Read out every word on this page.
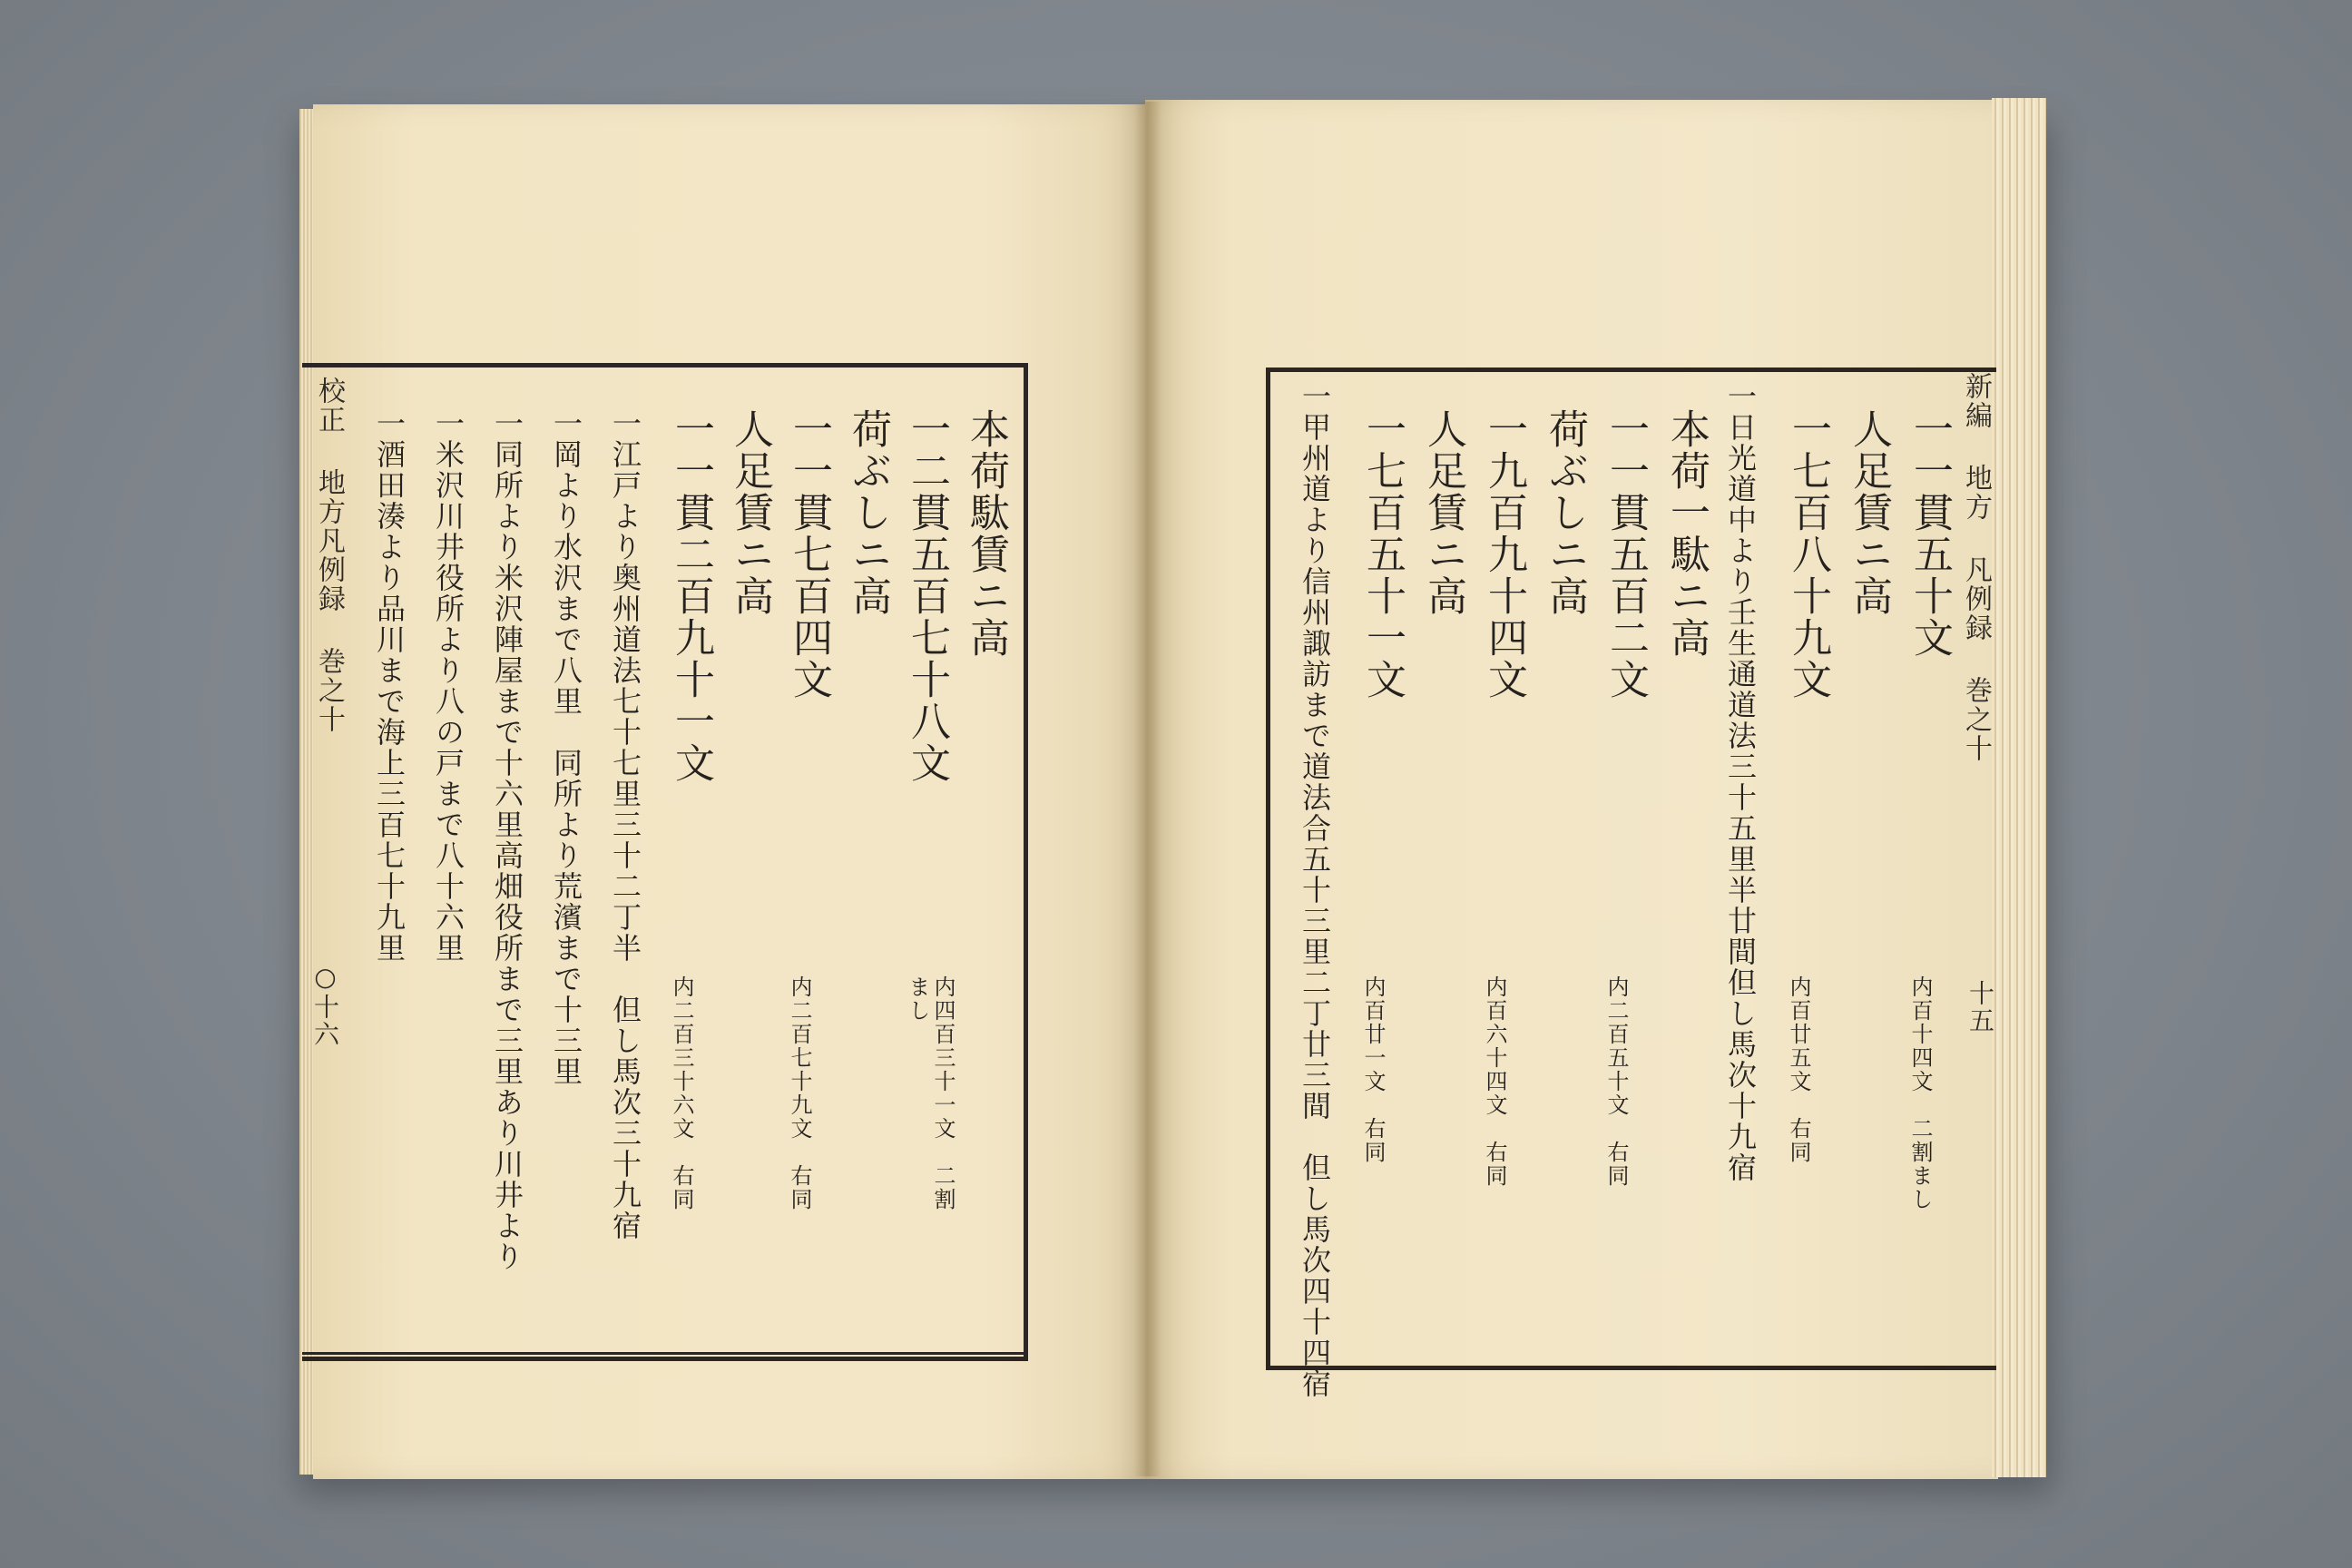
本荷駄賃ニ高
一二貫五百七十八文
荷ぶしニ高
一一貫七百四文
人足賃ニ高
一一貫二百九十一文
一江戸より奥州道法七十七里三十二丁半　但し馬次三十九宿
一岡より水沢まで八里　同所より荒濱まで十三里
一同所より米沢陣屋まで十六里高畑役所まで三里あり川井より
一米沢川井役所より八の戸まで八十六里
一酒田湊より品川まで海上三百七十九里
内四百三十一文　二割まし
内二百七十九文　右同
内二百三十六文　右同
一一貫五十文
人足賃ニ高
一七百八十九文
一日光道中より壬生通道法三十五里半廿間但し馬次十九宿
本荷一駄ニ高
一一貫五百二文
荷ぶしニ高
一九百九十四文
人足賃ニ高
一七百五十一文
一甲州道より信州諏訪まで道法合五十三里二丁廿三間　但し馬次四十四宿	内百十四文　二割まし
内百廿五文　右同
内二百五十文　右同
内百六十四文　右同
内百廿一文　右同
校正 地方凡例録 巻之十
○十六
新編 地方 凡例録 巻之十
十五
